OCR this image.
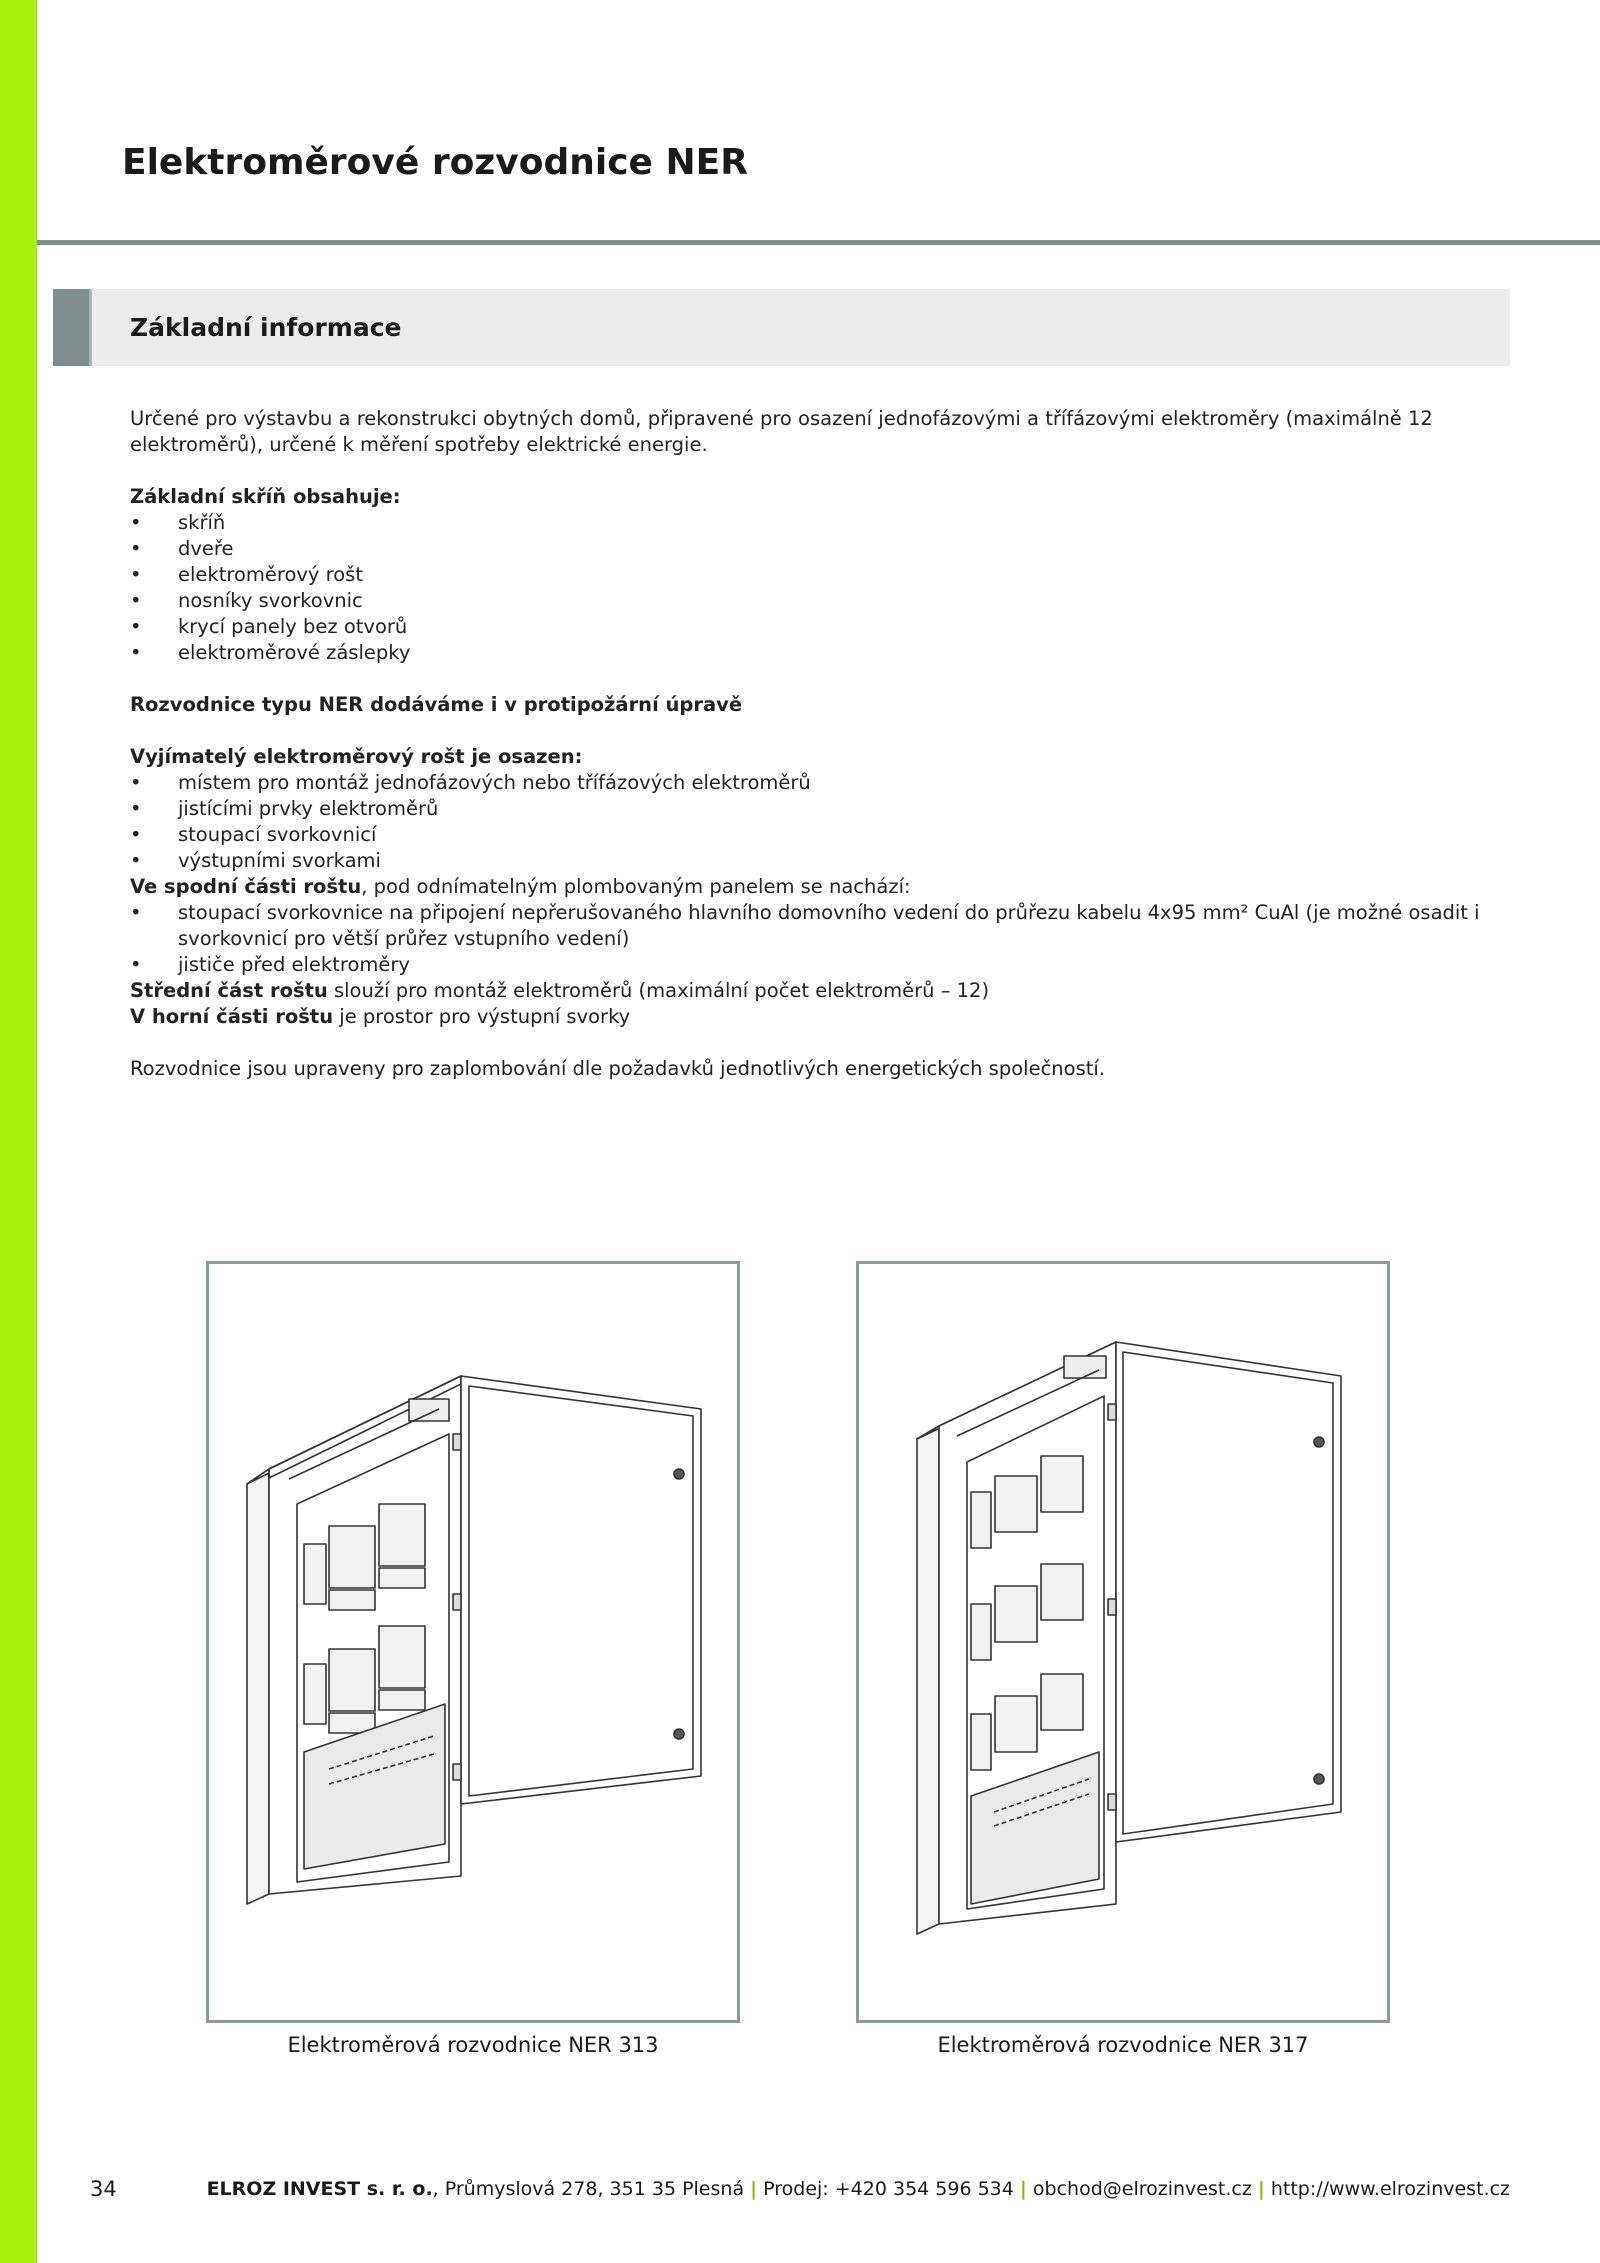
Elektroměrové rozvodnice NER
Základní informace

Určené pro výstavbu a rekonstrukci obytných domů, připravené pro osazení jednofázovými a třífázovými elektroměry (maximálně 12 elektroměrů), určené k měření spotřeby elektrické energie.

Základní skříň obsahuje:

• skříň
• dveře
• elektroměrový rošt
• nosníky svorkovnic
• krycí panely bez otvorů
• elektroměrové záslepky

Rozvodnice typu NER dodáváme i v protipožární úpravě

Vyjímatelý elektroměrový rošt je osazen:

• místem pro montáž jednofázových nebo třífázových elektroměrů
• jistícími prvky elektroměrů
• stoupací svorkovnicí
• výstupními svorkami

Ve spodní části roštu, pod odnímatelným plombovaným panelem se nachází:

• stoupací svorkovnice na připojení nepřerušovaného hlavního domovního vedení do průřezu kabelu 4x95 mm² CuAl (je možné osadit i svorkovnicí pro větší průřez vstupního vedení)
• jističe před elektroměry

Střední část roštu slouží pro montáž elektroměrů (maximální počet elektroměrů – 12)

V horní části roštu je prostor pro výstupní svorky

Rozvodnice jsou upraveny pro zaplombování dle požadavků jednotlivých energetických společností.

Elektroměrová rozvodnice NER 313	Elektroměrová rozvodnice NER 317
34	ELROZ INVEST s. r. o., Průmyslová 278, 351 35 Plesná | Prodej: +420 354 596 534 | obchod@elrozinvest.cz | http://www.elrozinvest.cz
